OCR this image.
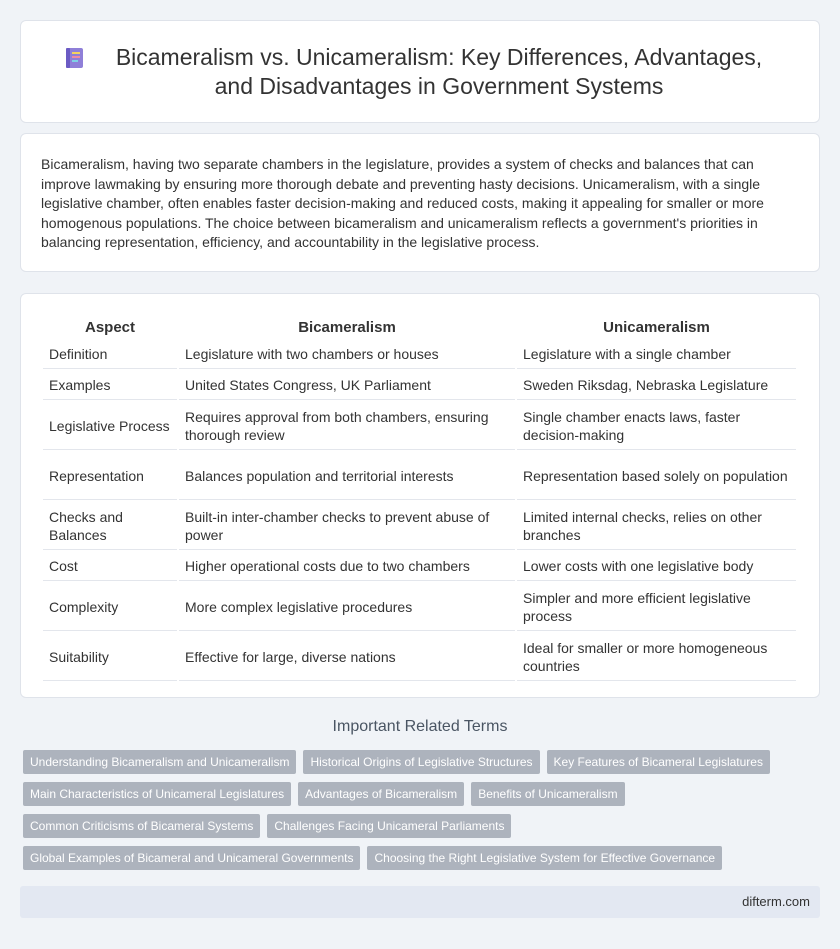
Bicameralism vs. Unicameralism: Key Differences, Advantages, and Disadvantages in Government Systems

Bicameralism, having two separate chambers in the legislature, provides a system of checks and balances that can improve lawmaking by ensuring more thorough debate and preventing hasty decisions. Unicameralism, with a single legislative chamber, often enables faster decision-making and reduced costs, making it appealing for smaller or more homogenous populations. The choice between bicameralism and unicameralism reflects a government's priorities in balancing representation, efficiency, and accountability in the legislative process.

Aspect	Bicameralism	Unicameralism
Definition	Legislature with two chambers or houses	Legislature with a single chamber
Examples	United States Congress, UK Parliament	Sweden Riksdag, Nebraska Legislature
Legislative Process	Requires approval from both chambers, ensuring thorough review	Single chamber enacts laws, faster decision-making
Representation	Balances population and territorial interests	Representation based solely on population
Checks and Balances	Built-in inter-chamber checks to prevent abuse of power	Limited internal checks, relies on other branches
Cost	Higher operational costs due to two chambers	Lower costs with one legislative body
Complexity	More complex legislative procedures	Simpler and more efficient legislative process
Suitability	Effective for large, diverse nations	Ideal for smaller or more homogeneous countries
Important Related Terms
Understanding Bicameralism and Unicameralism	Historical Origins of Legislative Structures	Key Features of Bicameral Legislatures
Main Characteristics of Unicameral Legislatures	Advantages of Bicameralism	Benefits of Unicameralism
Common Criticisms of Bicameral Systems	Challenges Facing Unicameral Parliaments
Global Examples of Bicameral and Unicameral Governments	Choosing the Right Legislative System for Effective Governance
difterm.com
